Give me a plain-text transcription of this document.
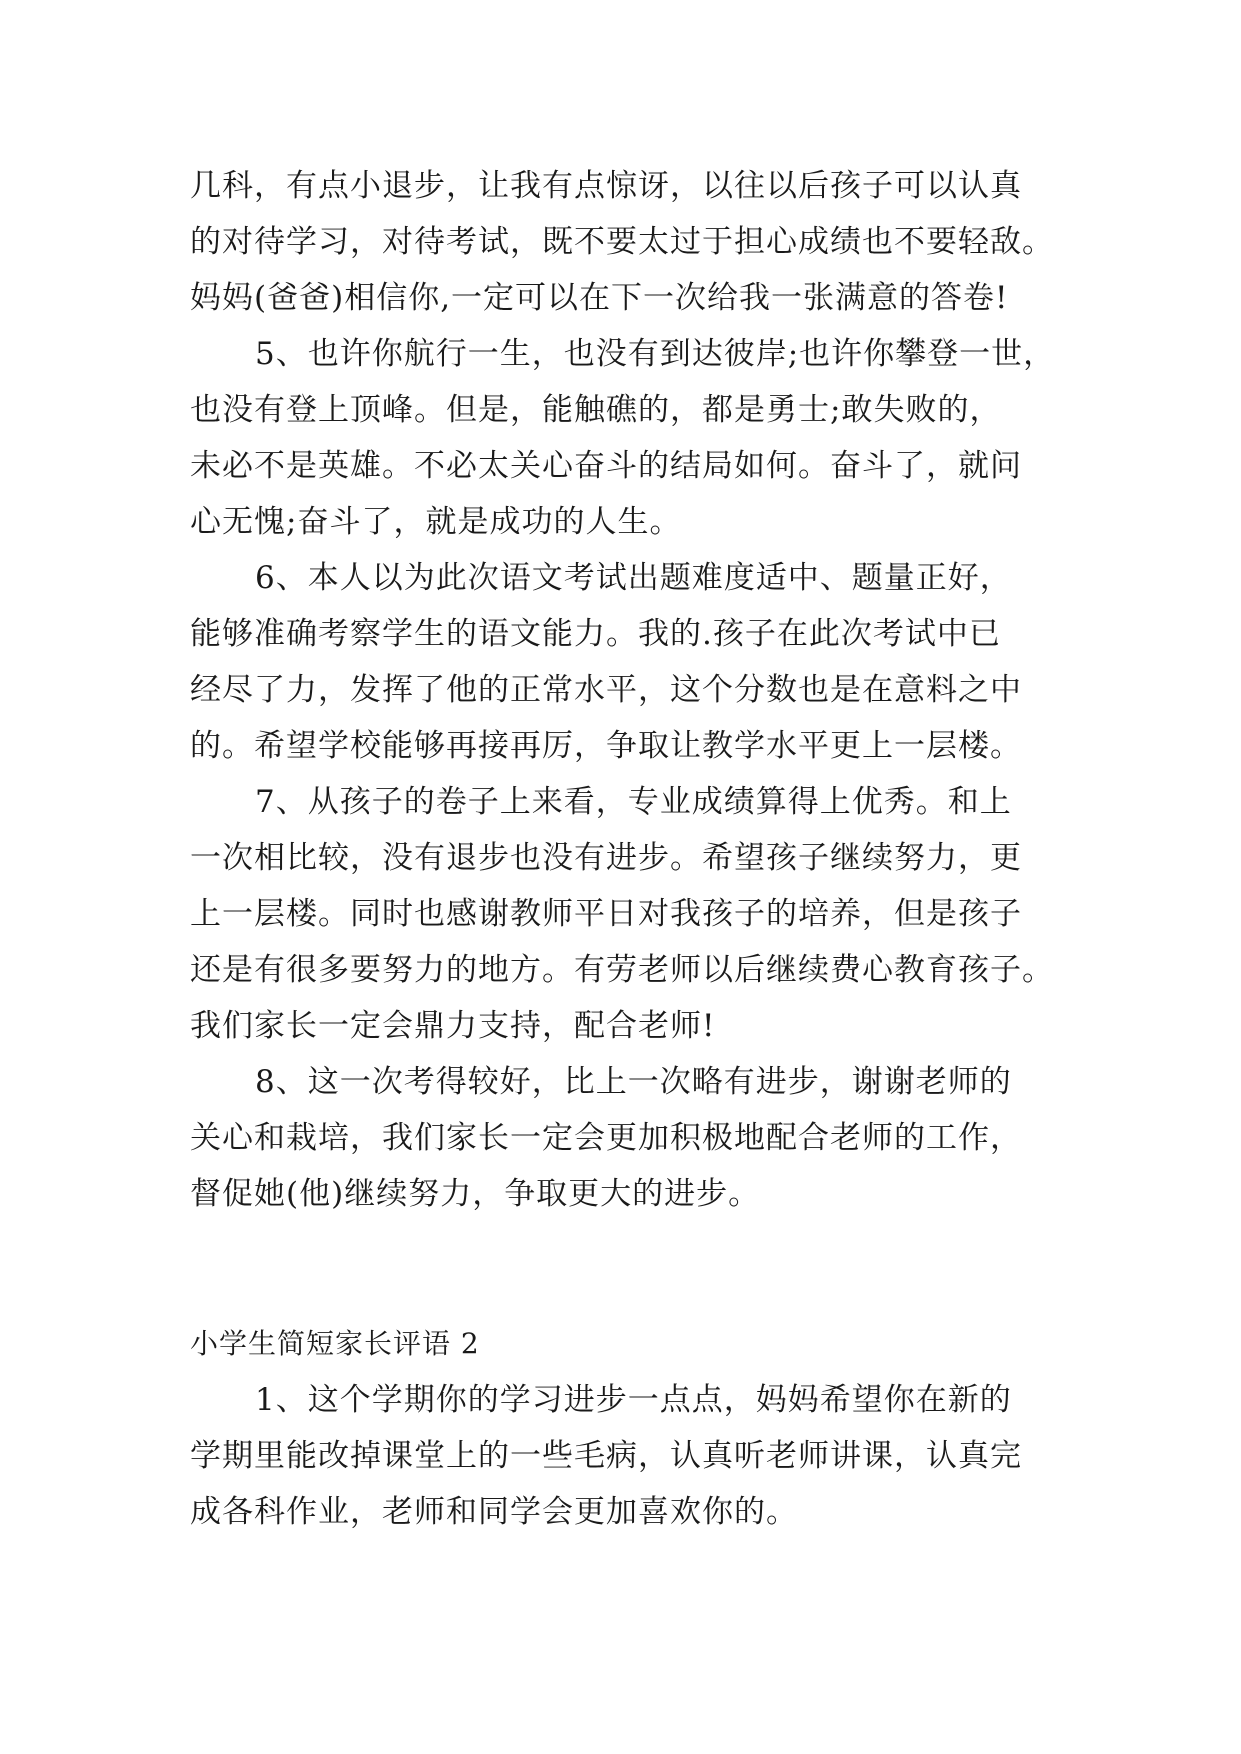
几科，有点小退步，让我有点惊讶，以往以后孩子可以认真
的对待学习，对待考试，既不要太过于担心成绩也不要轻敌。
妈妈(爸爸)相信你,一定可以在下一次给我一张满意的答卷!
5、也许你航行一生，也没有到达彼岸;也许你攀登一世，
也没有登上顶峰。但是，能触礁的，都是勇士;敢失败的，
未必不是英雄。不必太关心奋斗的结局如何。奋斗了，就问
心无愧;奋斗了，就是成功的人生。
6、本人以为此次语文考试出题难度适中、题量正好，
能够准确考察学生的语文能力。我的.孩子在此次考试中已
经尽了力，发挥了他的正常水平，这个分数也是在意料之中
的。希望学校能够再接再厉，争取让教学水平更上一层楼。
7、从孩子的卷子上来看，专业成绩算得上优秀。和上
一次相比较，没有退步也没有进步。希望孩子继续努力，更
上一层楼。同时也感谢教师平日对我孩子的培养，但是孩子
还是有很多要努力的地方。有劳老师以后继续费心教育孩子。
我们家长一定会鼎力支持，配合老师!
8、这一次考得较好，比上一次略有进步，谢谢老师的
关心和栽培，我们家长一定会更加积极地配合老师的工作，
督促她(他)继续努力，争取更大的进步。
小学生简短家长评语 2
1、这个学期你的学习进步一点点，妈妈希望你在新的
学期里能改掉课堂上的一些毛病，认真听老师讲课，认真完
成各科作业，老师和同学会更加喜欢你的。
